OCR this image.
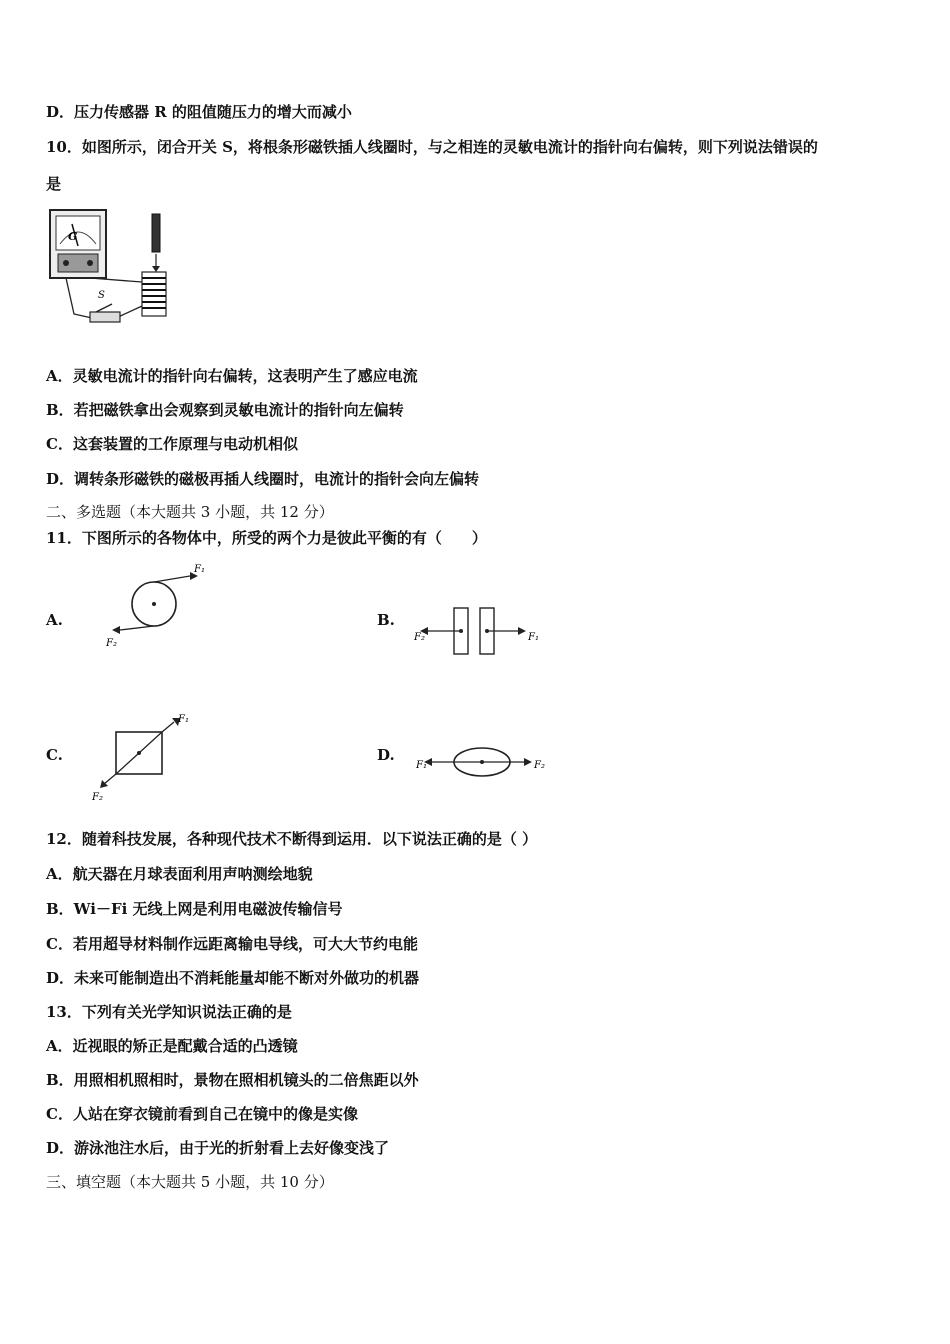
D．压力传感器 R 的阻值随压力的增大而减小
10．如图所示，闭合开关 S，将根条形磁铁插人线圈时，与之相连的灵敏电流计的指针向右偏转，则下列说法错误的
是
G
S
A．灵敏电流计的指针向右偏转，这表明产生了感应电流
B．若把磁铁拿出会观察到灵敏电流计的指针向左偏转
C．这套装置的工作原理与电动机相似
D．调转条形磁铁的磁极再插人线圈时，电流计的指针会向左偏转
二、多选题（本大题共 3 小题，共 12 分）
11．下图所示的各物体中，所受的两个力是彼此平衡的有（　　）
A.
F₁
F₂
B.
F₂	F₁
C.
F₁
F₂
D.
F₁	F₂
12．随着科技发展，各种现代技术不断得到运用．以下说法正确的是（ ）
A．航天器在月球表面利用声呐测绘地貌
B．Wi－Fi 无线上网是利用电磁波传输信号
C．若用超导材料制作远距离输电导线，可大大节约电能
D．未来可能制造出不消耗能量却能不断对外做功的机器
13．下列有关光学知识说法正确的是
A．近视眼的矫正是配戴合适的凸透镜
B．用照相机照相时，景物在照相机镜头的二倍焦距以外
C．人站在穿衣镜前看到自己在镜中的像是实像
D．游泳池注水后，由于光的折射看上去好像变浅了
三、填空题（本大题共 5 小题，共 10 分）
